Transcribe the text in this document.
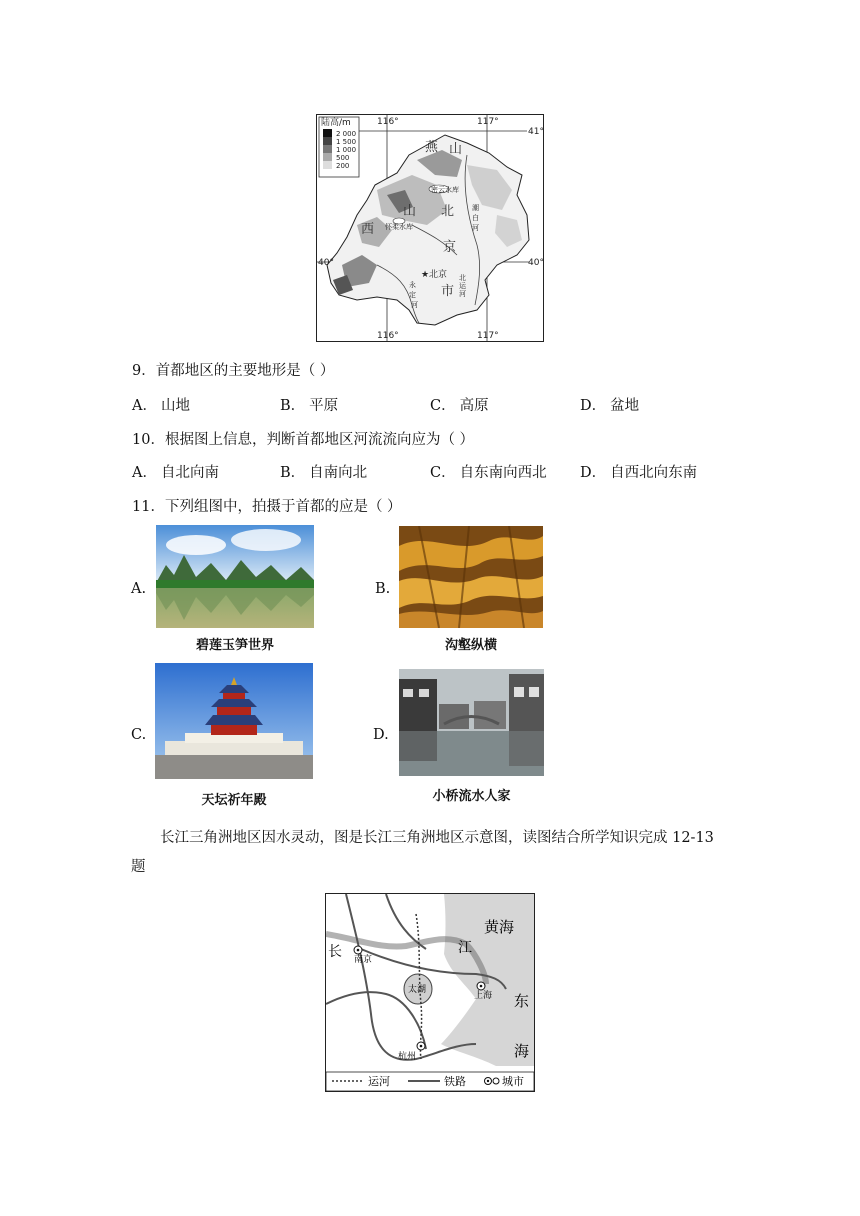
★
陆高/m
2 000
1 500
1 000
500
200
116°	117°
116°	117°
41°
40°
40°
燕 山
山
西
北
京
市
北京
密云水库
怀柔水库
潮
白
河
永
定
河
北
运
河
9．首都地区的主要地形是（ ）
A． 山地	B． 平原	C． 高原	D． 盆地
10．根据图上信息，判断首都地区河流流向应为（ ）
A． 自北向南	B． 自南向北	C． 自东南向西北 D． 自西北向东南
11．下列组图中，拍摄于首都的应是（ ）
A.
碧莲玉笋世界
B.
沟壑纵横
C.
天坛祈年殿
D.
小桥流水人家
长江三角洲地区因水灵动，图是长江三角洲地区示意图，读图结合所学知识完成 12-13
题
黄海
东
海
长	江
太湖
南京
上海
杭州
运河	铁路	城市
